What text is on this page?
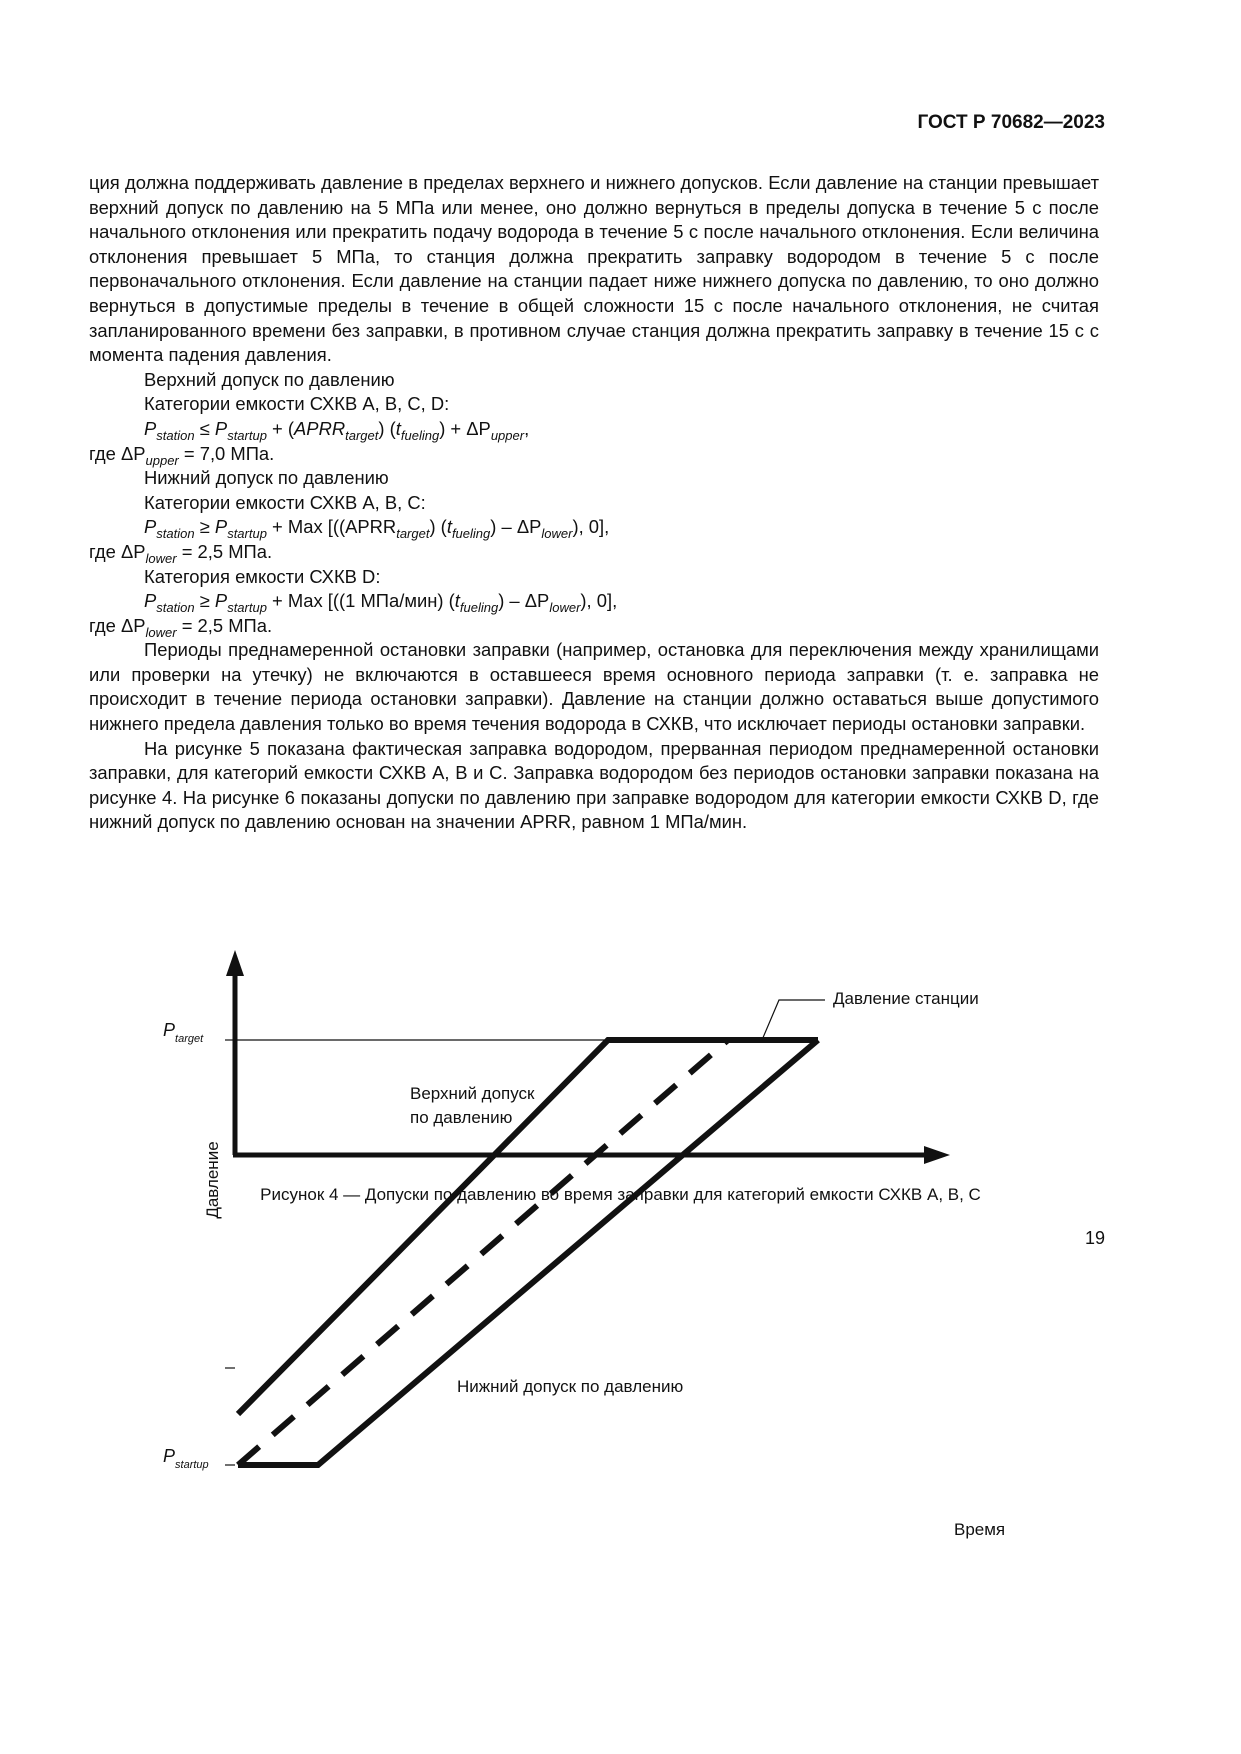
ГОСТ Р 70682—2023

ция должна поддерживать давление в пределах верхнего и нижнего допусков. Если давление на станции превышает верхний допуск по давлению на 5 МПа или менее, оно должно вернуться в пределы допуска в течение 5 с после начального отклонения или прекратить подачу водорода в течение 5 с после начального отклонения. Если величина отклонения превышает 5 МПа, то станция должна прекратить заправку водородом в течение 5 с после первоначального отклонения. Если давление на станции падает ниже нижнего допуска по давлению, то оно должно вернуться в допустимые пределы в течение в общей сложности 15 с после начального отклонения, не считая запланированного времени без заправки, в противном случае станция должна прекратить заправку в течение 15 с с момента падения давления.

Верхний допуск по давлению

Категории емкости СХКВ A, B, C, D:

$P_{station} \le P_{startup}$ + $(APRR_{target}) (t_{fueling}) + \Delta P_{upper}$,

где $\Delta P_{upper} = 7,0$ МПа.

Нижний допуск по давлению

Категории емкости СХКВ A, B, C:

$P_{station} \ge P_{startup}$ + Max [($(APRR_{target})$ $(t_{fueling}) - \Delta P_{lower}$), 0],

где $\Delta P_{lower} = 2,5$ МПа.

Категория емкости СХКВ D:

$P_{station} \ge P_{startup}$ + Max [((1 МПа/мин) $(t_{fueling}) - \Delta P_{lower}$), 0],

где $\Delta P_{lower} = 2,5$ МПа.

Периоды преднамеренной остановки заправки (например, остановка для переключения между хранилищами или проверки на утечку) не включаются в оставшееся время основного периода заправки (т. е. заправка не происходит в течение периода остановки заправки). Давление на станции должно оставаться выше допустимого нижнего предела давления только во время течения водорода в СХКВ, что исключает периоды остановки заправки.

На рисунке 5 показана фактическая заправка водородом, прерванная периодом преднамеренной остановки заправки, для категорий емкости СХКВ A, B и C. Заправка водородом без периодов остановки заправки показана на рисунке 4. На рисунке 6 показаны допуски по давлению при заправке водородом для категории емкости СХКВ D, где нижний допуск по давлению основан на значении APRR, равном 1 МПа/мин.

$P_{target}$
$P_{startup}$
Давление
Время
Давление станции
Верхний допуск
по давлению
Нижний допуск по давлению
Рисунок 4 — Допуски по давлению во время заправки для категорий емкости СХКВ A, B, C
19
